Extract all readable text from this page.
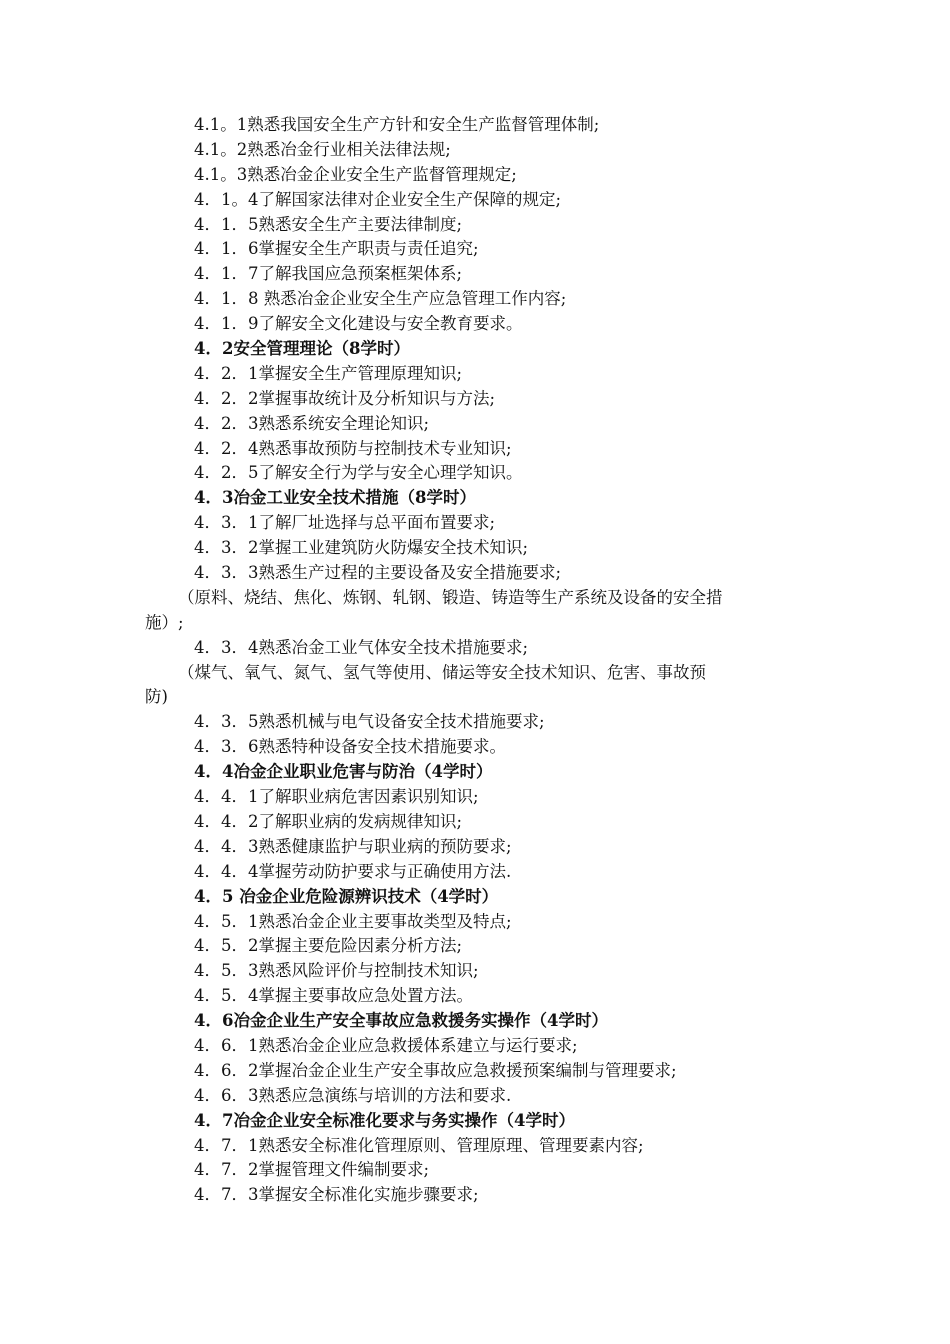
4.1。1熟悉我国安全生产方针和安全生产监督管理体制;
4.1。2熟悉冶金行业相关法律法规;
4.1。3熟悉冶金企业安全生产监督管理规定;
4．1。4了解国家法律对企业安全生产保障的规定;
4．1．5熟悉安全生产主要法律制度;
4．1．6掌握安全生产职责与责任追究;
4．1．7了解我国应急预案框架体系;
4．1．8 熟悉冶金企业安全生产应急管理工作内容;
4．1．9了解安全文化建设与安全教育要求。
4．2安全管理理论（8学时）
4．2．1掌握安全生产管理原理知识;
4．2．2掌握事故统计及分析知识与方法;
4．2．3熟悉系统安全理论知识;
4．2．4熟悉事故预防与控制技术专业知识;
4．2．5了解安全行为学与安全心理学知识。
4．3冶金工业安全技术措施（8学时）
4．3．1了解厂址选择与总平面布置要求;
4．3．2掌握工业建筑防火防爆安全技术知识;
4．3．3熟悉生产过程的主要设备及安全措施要求;
（原料、烧结、焦化、炼钢、轧钢、锻造、铸造等生产系统及设备的安全措
施）;
4．3．4熟悉冶金工业气体安全技术措施要求;
（煤气、氧气、氮气、氢气等使用、储运等安全技术知识、危害、事故预
防)
4．3．5熟悉机械与电气设备安全技术措施要求;
4．3．6熟悉特种设备安全技术措施要求。
4．4冶金企业职业危害与防治（4学时）
4．4．1了解职业病危害因素识别知识;
4．4．2了解职业病的发病规律知识;
4．4．3熟悉健康监护与职业病的预防要求;
4．4．4掌握劳动防护要求与正确使用方法.
4．5 冶金企业危险源辨识技术（4学时）
4．5．1熟悉冶金企业主要事故类型及特点;
4．5．2掌握主要危险因素分析方法;
4．5．3熟悉风险评价与控制技术知识;
4．5．4掌握主要事故应急处置方法。
4．6冶金企业生产安全事故应急救援务实操作（4学时）
4．6．1熟悉冶金企业应急救援体系建立与运行要求;
4．6．2掌握冶金企业生产安全事故应急救援预案编制与管理要求;
4．6．3熟悉应急演练与培训的方法和要求.
4．7冶金企业安全标准化要求与务实操作（4学时）
4．7．1熟悉安全标准化管理原则、管理原理、管理要素内容;
4．7．2掌握管理文件编制要求;
4．7．3掌握安全标准化实施步骤要求;
